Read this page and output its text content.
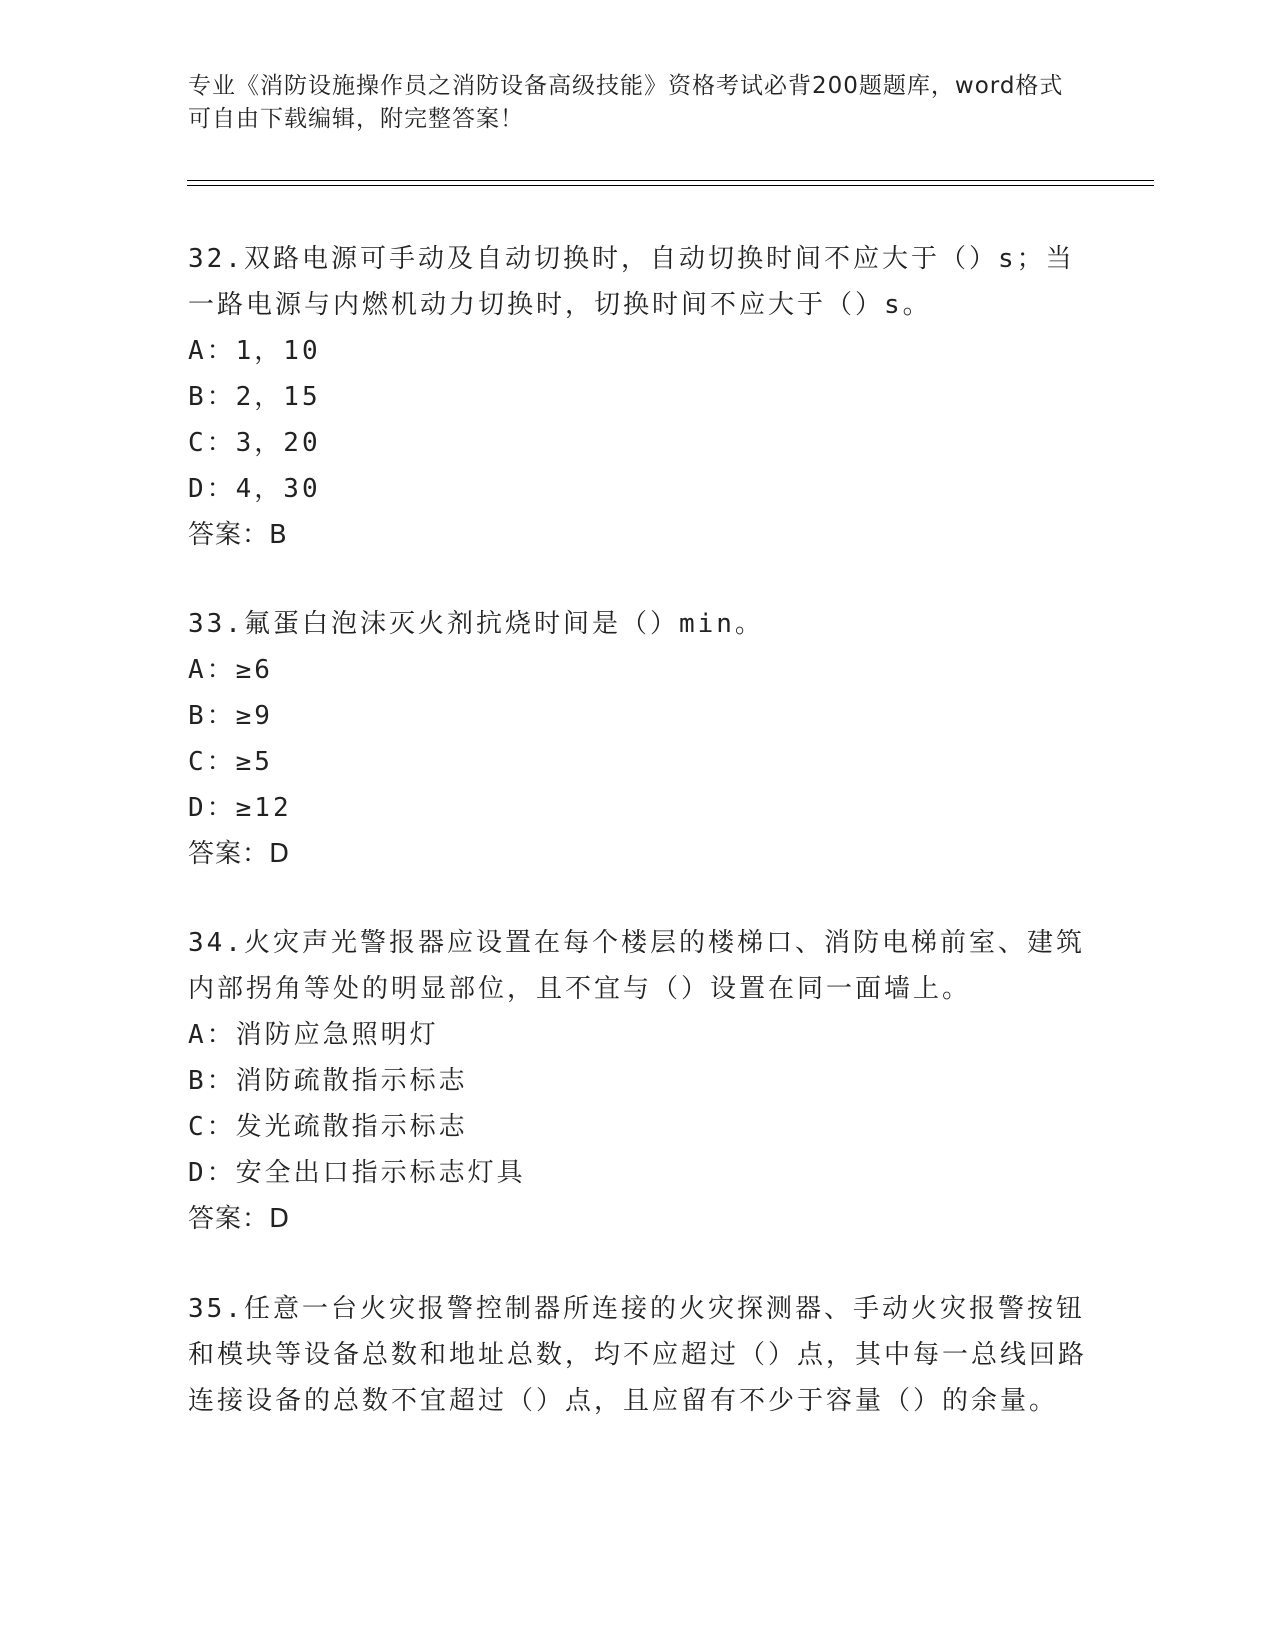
专业《消防设施操作员之消防设备高级技能》资格考试必背200题题库，word格式可自由下载编辑，附完整答案！
32.双路电源可手动及自动切换时，自动切换时间不应大于（）s；当一路电源与内燃机动力切换时，切换时间不应大于（）s。
A：1，10
B：2，15
C：3，20
D：4，30
答案：B
33.氟蛋白泡沫灭火剂抗烧时间是（）min。
A：≥6
B：≥9
C：≥5
D：≥12
答案：D
34.火灾声光警报器应设置在每个楼层的楼梯口、消防电梯前室、建筑内部拐角等处的明显部位，且不宜与（）设置在同一面墙上。
A：消防应急照明灯
B：消防疏散指示标志
C：发光疏散指示标志
D：安全出口指示标志灯具
答案：D
35.任意一台火灾报警控制器所连接的火灾探测器、手动火灾报警按钮和模块等设备总数和地址总数，均不应超过（）点，其中每一总线回路连接设备的总数不宜超过（）点，且应留有不少于容量（）的余量。
